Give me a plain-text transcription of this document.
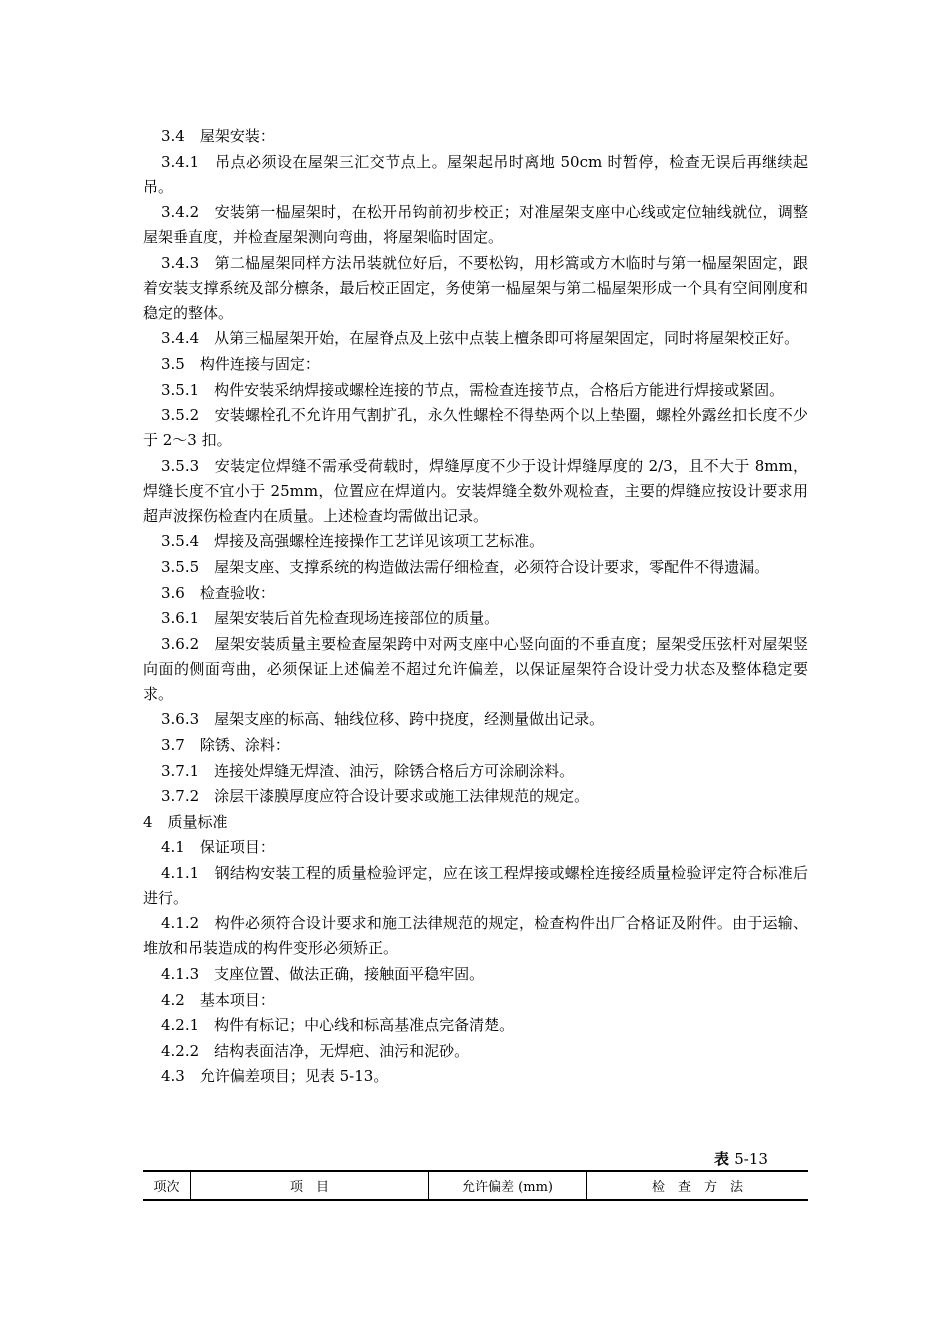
3.4　屋架安装：

3.4.1　吊点必须设在屋架三汇交节点上。屋架起吊时离地 50cm 时暂停，检查无误后再继续起吊。

3.4.2　安装第一榀屋架时，在松开吊钩前初步校正；对准屋架支座中心线或定位轴线就位，调整屋架垂直度，并检查屋架测向弯曲，将屋架临时固定。

3.4.3　第二榀屋架同样方法吊装就位好后，不要松钩，用杉篙或方木临时与第一榀屋架固定，跟着安装支撑系统及部分檩条，最后校正固定，务使第一榀屋架与第二榀屋架形成一个具有空间刚度和稳定的整体。

3.4.4　从第三榀屋架开始，在屋脊点及上弦中点装上檀条即可将屋架固定，同时将屋架校正好。

3.5　构件连接与固定：

3.5.1　构件安装采纳焊接或螺栓连接的节点，需检查连接节点，合格后方能进行焊接或紧固。

3.5.2　安装螺栓孔不允许用气割扩孔，永久性螺栓不得垫两个以上垫圈，螺栓外露丝扣长度不少于 2～3 扣。

3.5.3　安装定位焊缝不需承受荷载时，焊缝厚度不少于设计焊缝厚度的 2/3，且不大于 8mm，焊缝长度不宜小于 25mm，位置应在焊道内。安装焊缝全数外观检查，主要的焊缝应按设计要求用超声波探伤检查内在质量。上述检查均需做出记录。

3.5.4　焊接及高强螺栓连接操作工艺详见该项工艺标准。

3.5.5　屋架支座、支撑系统的构造做法需仔细检查，必须符合设计要求，零配件不得遗漏。

3.6　检查验收：

3.6.1　屋架安装后首先检查现场连接部位的质量。

3.6.2　屋架安装质量主要检查屋架跨中对两支座中心竖向面的不垂直度；屋架受压弦杆对屋架竖向面的侧面弯曲，必须保证上述偏差不超过允许偏差，以保证屋架符合设计受力状态及整体稳定要求。

3.6.3　屋架支座的标高、轴线位移、跨中挠度，经测量做出记录。

3.7　除锈、涂料：

3.7.1　连接处焊缝无焊渣、油污，除锈合格后方可涂刷涂料。

3.7.2　涂层干漆膜厚度应符合设计要求或施工法律规范的规定。

4　质量标准

4.1　保证项目：

4.1.1　钢结构安装工程的质量检验评定，应在该工程焊接或螺栓连接经质量检验评定符合标准后进行。

4.1.2　构件必须符合设计要求和施工法律规范的规定，检查构件出厂合格证及附件。由于运输、堆放和吊装造成的构件变形必须矫正。

4.1.3　支座位置、做法正确，接触面平稳牢固。

4.2　基本项目：

4.2.1　构件有标记；中心线和标高基准点完备清楚。

4.2.2　结构表面洁净，无焊疤、油污和泥砂。

4.3　允许偏差项目；见表 5-13。

表 5-13
项次	项　目	允许偏差 (mm)	检　查　方　法
